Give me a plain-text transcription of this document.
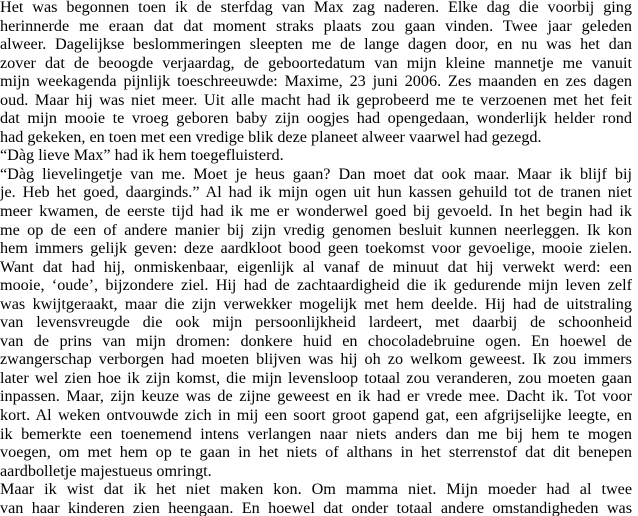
Het was begonnen toen ik de sterfdag van Max zag naderen. Elke dag die voorbij ging
herinnerde me eraan dat dat moment straks plaats zou gaan vinden. Twee jaar geleden
alweer. Dagelijkse beslommeringen sleepten me de lange dagen door, en nu was het dan
zover dat de beoogde verjaardag, de geboortedatum van mijn kleine mannetje me vanuit
mijn weekagenda pijnlijk toeschreeuwde: Maxime, 23 juni 2006. Zes maanden en zes dagen
oud. Maar hij was niet meer. Uit alle macht had ik geprobeerd me te verzoenen met het feit
dat mijn mooie te vroeg geboren baby zijn oogjes had opengedaan, wonderlijk helder rond
had gekeken, en toen met een vredige blik deze planeet alweer vaarwel had gezegd.
“Dàg lieve Max” had ik hem toegefluisterd.
“Dàg lievelingetje van me. Moet je heus gaan? Dan moet dat ook maar. Maar ik blijf bij
je. Heb het goed, daarginds.” Al had ik mijn ogen uit hun kassen gehuild tot de tranen niet
meer kwamen, de eerste tijd had ik me er wonderwel goed bij gevoeld. In het begin had ik
me op de een of andere manier bij zijn vredig genomen besluit kunnen neerleggen. Ik kon
hem immers gelijk geven: deze aardkloot bood geen toekomst voor gevoelige, mooie zielen.
Want dat had hij, onmiskenbaar, eigenlijk al vanaf de minuut dat hij verwekt werd: een
mooie, ‘oude’, bijzondere ziel. Hij had de zachtaardigheid die ik gedurende mijn leven zelf
was kwijtgeraakt, maar die zijn verwekker mogelijk met hem deelde. Hij had de uitstraling
van levensvreugde die ook mijn persoonlijkheid lardeert, met daarbij de schoonheid
van de prins van mijn dromen: donkere huid en chocoladebruine ogen. En hoewel de
zwangerschap verborgen had moeten blijven was hij oh zo welkom geweest. Ik zou immers
later wel zien hoe ik zijn komst, die mijn levensloop totaal zou veranderen, zou moeten gaan
inpassen. Maar, zijn keuze was de zijne geweest en ik had er vrede mee. Dacht ik. Tot voor
kort. Al weken ontvouwde zich in mij een soort groot gapend gat, een afgrijselijke leegte, en
ik bemerkte een toenemend intens verlangen naar niets anders dan me bij hem te mogen
voegen, om met hem op te gaan in het niets of althans in het sterrenstof dat dit benepen
aardbolletje majestueus omringt.
Maar ik wist dat ik het niet maken kon. Om mamma niet. Mijn moeder had al twee
van haar kinderen zien heengaan. En hoewel dat onder totaal andere omstandigheden was
